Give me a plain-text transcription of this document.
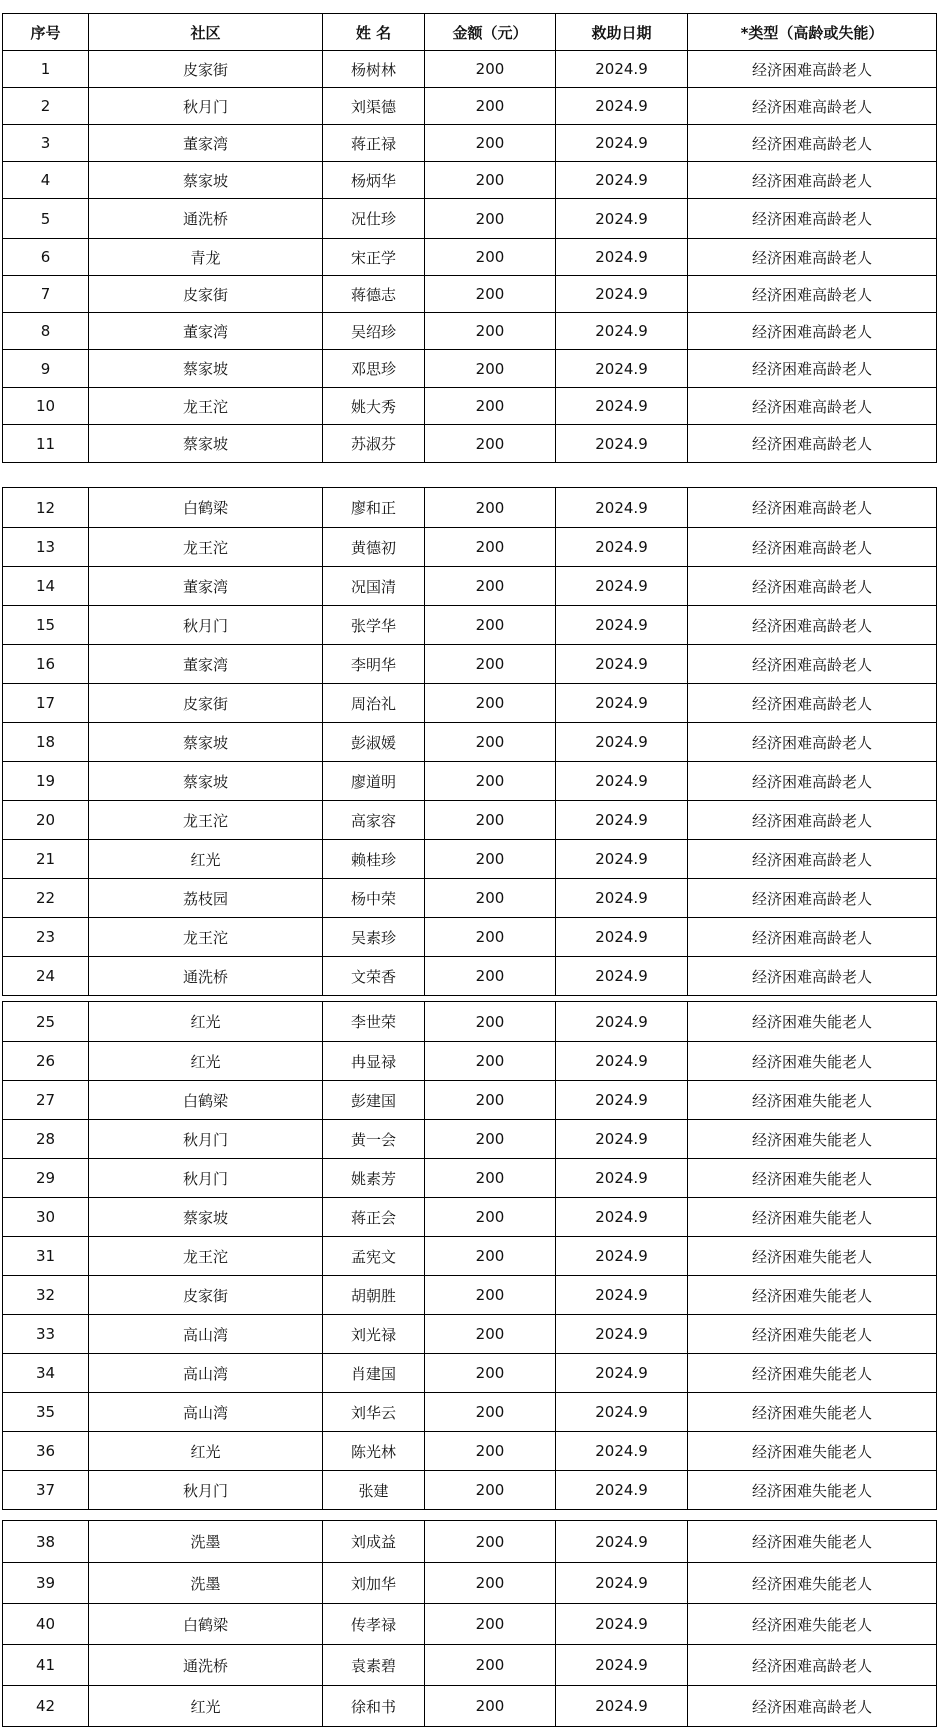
序号	社区	姓 名	金额（元）	救助日期	*类型（高龄或失能）
1	皮家街	杨树林	200	2024.9	经济困难高龄老人
2	秋月门	刘渠德	200	2024.9	经济困难高龄老人
3	董家湾	蒋正禄	200	2024.9	经济困难高龄老人
4	蔡家坡	杨炳华	200	2024.9	经济困难高龄老人
5	通洗桥	况仕珍	200	2024.9	经济困难高龄老人
6	青龙	宋正学	200	2024.9	经济困难高龄老人
7	皮家街	蒋德志	200	2024.9	经济困难高龄老人
8	董家湾	吴绍珍	200	2024.9	经济困难高龄老人
9	蔡家坡	邓思珍	200	2024.9	经济困难高龄老人
10	龙王沱	姚大秀	200	2024.9	经济困难高龄老人
11	蔡家坡	苏淑芬	200	2024.9	经济困难高龄老人
12	白鹤梁	廖和正	200	2024.9	经济困难高龄老人
13	龙王沱	黄德初	200	2024.9	经济困难高龄老人
14	董家湾	况国清	200	2024.9	经济困难高龄老人
15	秋月门	张学华	200	2024.9	经济困难高龄老人
16	董家湾	李明华	200	2024.9	经济困难高龄老人
17	皮家街	周治礼	200	2024.9	经济困难高龄老人
18	蔡家坡	彭淑媛	200	2024.9	经济困难高龄老人
19	蔡家坡	廖道明	200	2024.9	经济困难高龄老人
20	龙王沱	高家容	200	2024.9	经济困难高龄老人
21	红光	赖桂珍	200	2024.9	经济困难高龄老人
22	荔枝园	杨中荣	200	2024.9	经济困难高龄老人
23	龙王沱	吴素珍	200	2024.9	经济困难高龄老人
24	通洗桥	文荣香	200	2024.9	经济困难高龄老人
25	红光	李世荣	200	2024.9	经济困难失能老人
26	红光	冉显禄	200	2024.9	经济困难失能老人
27	白鹤梁	彭建国	200	2024.9	经济困难失能老人
28	秋月门	黄一会	200	2024.9	经济困难失能老人
29	秋月门	姚素芳	200	2024.9	经济困难失能老人
30	蔡家坡	蒋正会	200	2024.9	经济困难失能老人
31	龙王沱	孟宪文	200	2024.9	经济困难失能老人
32	皮家街	胡朝胜	200	2024.9	经济困难失能老人
33	高山湾	刘光禄	200	2024.9	经济困难失能老人
34	高山湾	肖建国	200	2024.9	经济困难失能老人
35	高山湾	刘华云	200	2024.9	经济困难失能老人
36	红光	陈光林	200	2024.9	经济困难失能老人
37	秋月门	张建	200	2024.9	经济困难失能老人
38	洗墨	刘成益	200	2024.9	经济困难失能老人
39	洗墨	刘加华	200	2024.9	经济困难失能老人
40	白鹤梁	传孝禄	200	2024.9	经济困难失能老人
41	通洗桥	袁素碧	200	2024.9	经济困难高龄老人
42	红光	徐和书	200	2024.9	经济困难高龄老人
